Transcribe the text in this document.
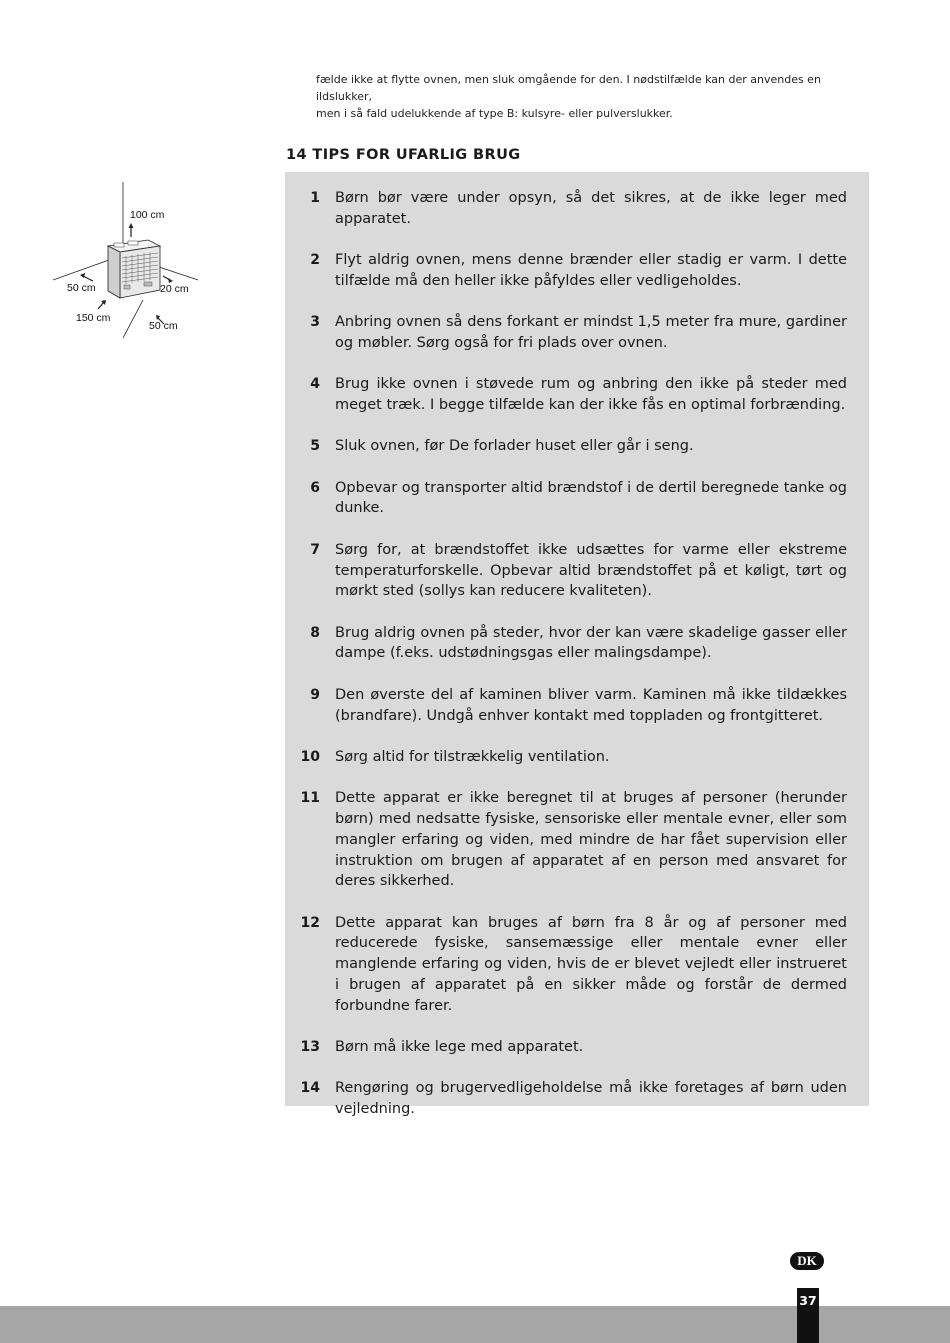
fælde ikke at flytte ovnen, men sluk omgående for den. I nødstilfælde kan der anvendes en ildslukker,
men i så fald udelukkende af type B: kulsyre- eller pulverslukker.
14 TIPS FOR UFARLIG BRUG
100 cm
50 cm	20 cm
150 cm
50 cm
1 Børn bør være under opsyn, så det sikres, at de ikke leger med apparatet.
2 Flyt aldrig ovnen, mens denne brænder eller stadig er varm. I dette tilfælde må den heller ikke påfyldes eller vedligeholdes.
3 Anbring ovnen så dens forkant er mindst 1,5 meter fra mure, gardiner og møbler. Sørg også for fri plads over ovnen.
4 Brug ikke ovnen i støvede rum og anbring den ikke på steder med meget træk. I begge tilfælde kan der ikke fås en optimal forbrænding.
5 Sluk ovnen, før De forlader huset eller går i seng.
6 Opbevar og transporter altid brændstof i de dertil beregnede tanke og dunke.
7 Sørg for, at brændstoffet ikke udsættes for varme eller ekstreme temperaturforskelle. Opbevar altid brændstoffet på et køligt, tørt og mørkt sted (sollys kan reducere kvaliteten).
8 Brug aldrig ovnen på steder, hvor der kan være skadelige gasser eller dampe (f.eks. udstødningsgas eller malingsdampe).
9 Den øverste del af kaminen bliver varm. Kaminen må ikke tildækkes (brandfare). Undgå enhver kontakt med toppladen og frontgitteret.
10 Sørg altid for tilstrækkelig ventilation.
11 Dette apparat er ikke beregnet til at bruges af personer (herunder børn) med nedsatte fysiske, sensoriske eller mentale evner, eller som mangler erfaring og viden, med mindre de har fået supervision eller instruktion om brugen af apparatet af en person med ansvaret for deres sikkerhed.
12 Dette apparat kan bruges af børn fra 8 år og af personer med reducerede fysiske, sansemæssige eller mentale evner eller manglende erfaring og viden, hvis de er blevet vejledt eller instrueret i brugen af apparatet på en sikker måde og forstår de dermed forbundne farer.
13 Børn må ikke lege med apparatet.
14 Rengøring og brugervedligeholdelse må ikke foretages af børn uden vejledning.
DK
37
